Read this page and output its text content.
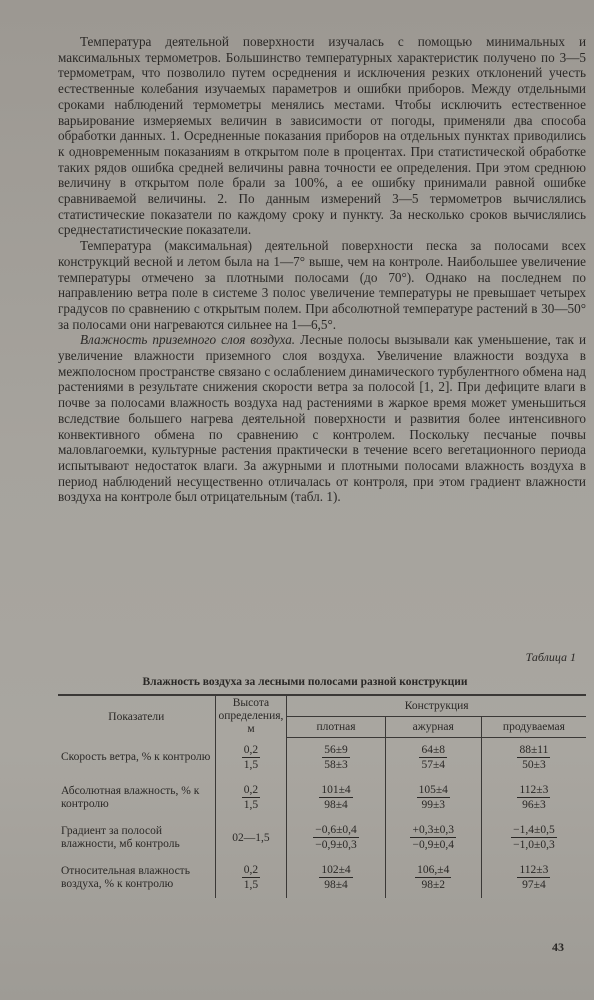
Температура деятельной поверхности изучалась с помощью минимальных и максимальных термометров. Большинство температурных характеристик получено по 3—5 термометрам, что позволило путем осреднения и исключения резких отклонений учесть естественные колебания изучаемых параметров и ошибки приборов. Между отдельными сроками наблюдений термометры менялись местами. Чтобы исключить естественное варьирование измеряемых величин в зависимости от погоды, применяли два способа обработки данных. 1. Осредненные показания приборов на отдельных пунктах приводились к одновременным показаниям в открытом поле в процентах. При статистической обработке таких рядов ошибка средней величины равна точности ее определения. При этом среднюю величину в открытом поле брали за 100%, а ее ошибку принимали равной ошибке сравниваемой величины. 2. По данным измерений 3—5 термометров вычислялись статистические показатели по каждому сроку и пункту. За несколько сроков вычислялись среднестатистические показатели.

Температура (максимальная) деятельной поверхности песка за полосами всех конструкций весной и летом была на 1—7° выше, чем на контроле. Наибольшее увеличение температуры отмечено за плотными полосами (до 70°). Однако на последнем по направлению ветра поле в системе 3 полос увеличение температуры не превышает четырех градусов по сравнению с открытым полем. При абсолютной температуре растений в 30—50° за полосами они нагреваются сильнее на 1—6,5°.

Влажность приземного слоя воздуха. Лесные полосы вызывали как уменьшение, так и увеличение влажности приземного слоя воздуха. Увеличение влажности воздуха в межполосном пространстве связано с ослаблением динамического турбулентного обмена над растениями в результате снижения скорости ветра за полосой [1, 2]. При дефиците влаги в почве за полосами влажность воздуха над растениями в жаркое время может уменьшиться вследствие большего нагрева деятельной поверхности и развития более интенсивного конвективного обмена по сравнению с контролем. Поскольку песчаные почвы маловлагоемки, культурные растения практически в течение всего вегетационного периода испытывают недостаток влаги. За ажурными и плотными полосами влажность воздуха в период наблюдений несущественно отличалась от контроля, при этом градиент влажности воздуха на контроле был отрицательным (табл. 1).

Таблица 1
Влажность воздуха за лесными полосами разной конструкции
Показатели	Высота определения, м	Конструкция		
		плотная	ажурная	продуваемая
Скорость ветра, % к контролю	$\frac{0,2}{1,5}$	$\frac{56\pm 9}{58\pm 3}$	$\frac{64\pm 8}{57\pm 4}$	$\frac{88\pm 11}{50\pm 3}$

Абсолютная влажность, % к контролю	$\frac{0,2}{1,5}$	$\frac{101\pm 4}{98\pm 4}$	$\frac{105\pm 4}{99\pm 3}$	$\frac{112\pm 3}{96\pm 3}$

Градиент за полосой влажности, мб контроль	02—1,5	$\frac{-0,6\pm 0,4}{-0,9\pm 0,3}$	$\frac{+0,3\pm 0,3}{-0,9\pm 0,4}$	$\frac{-1,4\pm 0,5}{-1,0\pm 0,3}$

Относительная влажность воздуха, % к контролю	$\frac{0,2}{1,5}$	$\frac{102\pm 4}{98\pm 4}$	$\frac{106,\pm 4}{98\pm 2}$	$\frac{112\pm 3}{97\pm 4}$
43
